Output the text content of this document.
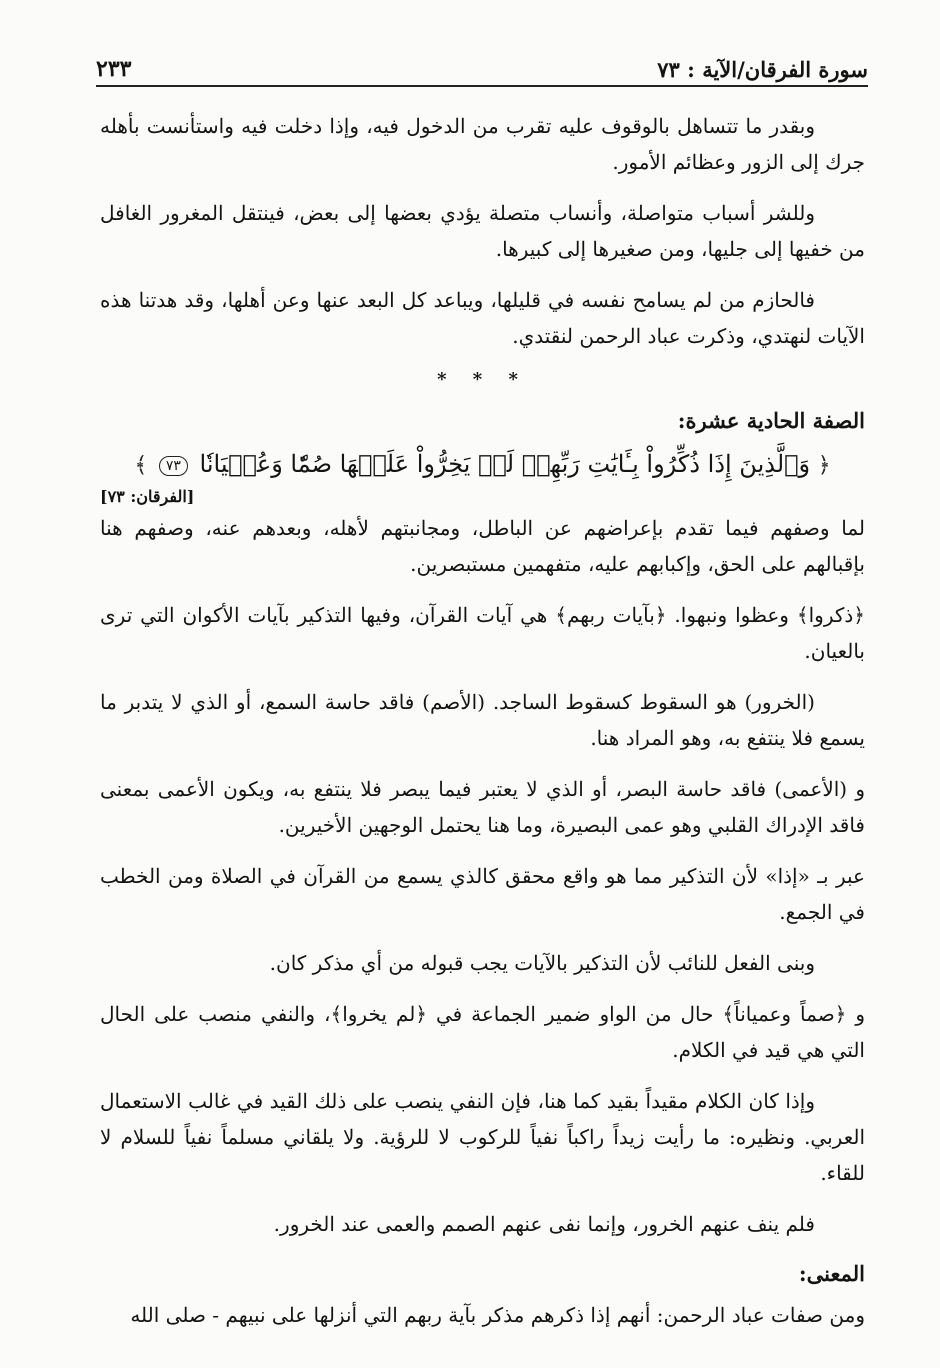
سورة الفرقان/الآية : ٧٣
٢٣٣

وبقدر ما تتساهل بالوقوف عليه تقرب من الدخول فيه، وإذا دخلت فيه واستأنست بأهله جرك إلى الزور وعظائم الأمور.

وللشر أسباب متواصلة، وأنساب متصلة يؤدي بعضها إلى بعض، فينتقل المغرور الغافل من خفيها إلى جليها، ومن صغيرها إلى كبيرها.

فالحازم من لم يسامح نفسه في قليلها، ويباعد كل البعد عنها وعن أهلها، وقد هدتنا هذه الآيات لنهتدي، وذكرت عباد الرحمن لنقتدي.

* * *
الصفة الحادية عشرة:
﴿ وَٱلَّذِينَ إِذَا ذُكِّرُواْ بِـَٔايَٰتِ رَبِّهِمۡ لَمۡ يَخِرُّواْ عَلَيۡهَا صُمّٗا وَعُمۡيَانٗا ٧٣ ﴾
[الفرقان: ٧٣]

لما وصفهم فيما تقدم بإعراضهم عن الباطل، ومجانبتهم لأهله، وبعدهم عنه، وصفهم هنا بإقبالهم على الحق، وإكبابهم عليه، متفهمين مستبصرين.

﴿ذكروا﴾ وعظوا ونبهوا. ﴿بآيات ربهم﴾ هي آيات القرآن، وفيها التذكير بآيات الأكوان التي ترى بالعيان.

(الخرور) هو السقوط كسقوط الساجد. (الأصم) فاقد حاسة السمع، أو الذي لا يتدبر ما يسمع فلا ينتفع به، وهو المراد هنا.

و (الأعمى) فاقد حاسة البصر، أو الذي لا يعتبر فيما يبصر فلا ينتفع به، ويكون الأعمى بمعنى فاقد الإدراك القلبي وهو عمى البصيرة، وما هنا يحتمل الوجهين الأخيرين.

عبر بـ «إذا» لأن التذكير مما هو واقع محقق كالذي يسمع من القرآن في الصلاة ومن الخطب في الجمع.

وبنى الفعل للنائب لأن التذكير بالآيات يجب قبوله من أي مذكر كان.

و ﴿صماً وعمياناً﴾ حال من الواو ضمير الجماعة في ﴿لم يخروا﴾، والنفي منصب على الحال التي هي قيد في الكلام.

وإذا كان الكلام مقيداً بقيد كما هنا، فإن النفي ينصب على ذلك القيد في غالب الاستعمال العربي. ونظيره: ما رأيت زيداً راكباً نفياً للركوب لا للرؤية. ولا يلقاني مسلماً نفياً للسلام لا للقاء.

فلم ينف عنهم الخرور، وإنما نفى عنهم الصمم والعمى عند الخرور.

المعنى:

ومن صفات عباد الرحمن: أنهم إذا ذكرهم مذكر بآية ربهم التي أنزلها على نبيهم - صلى الله
